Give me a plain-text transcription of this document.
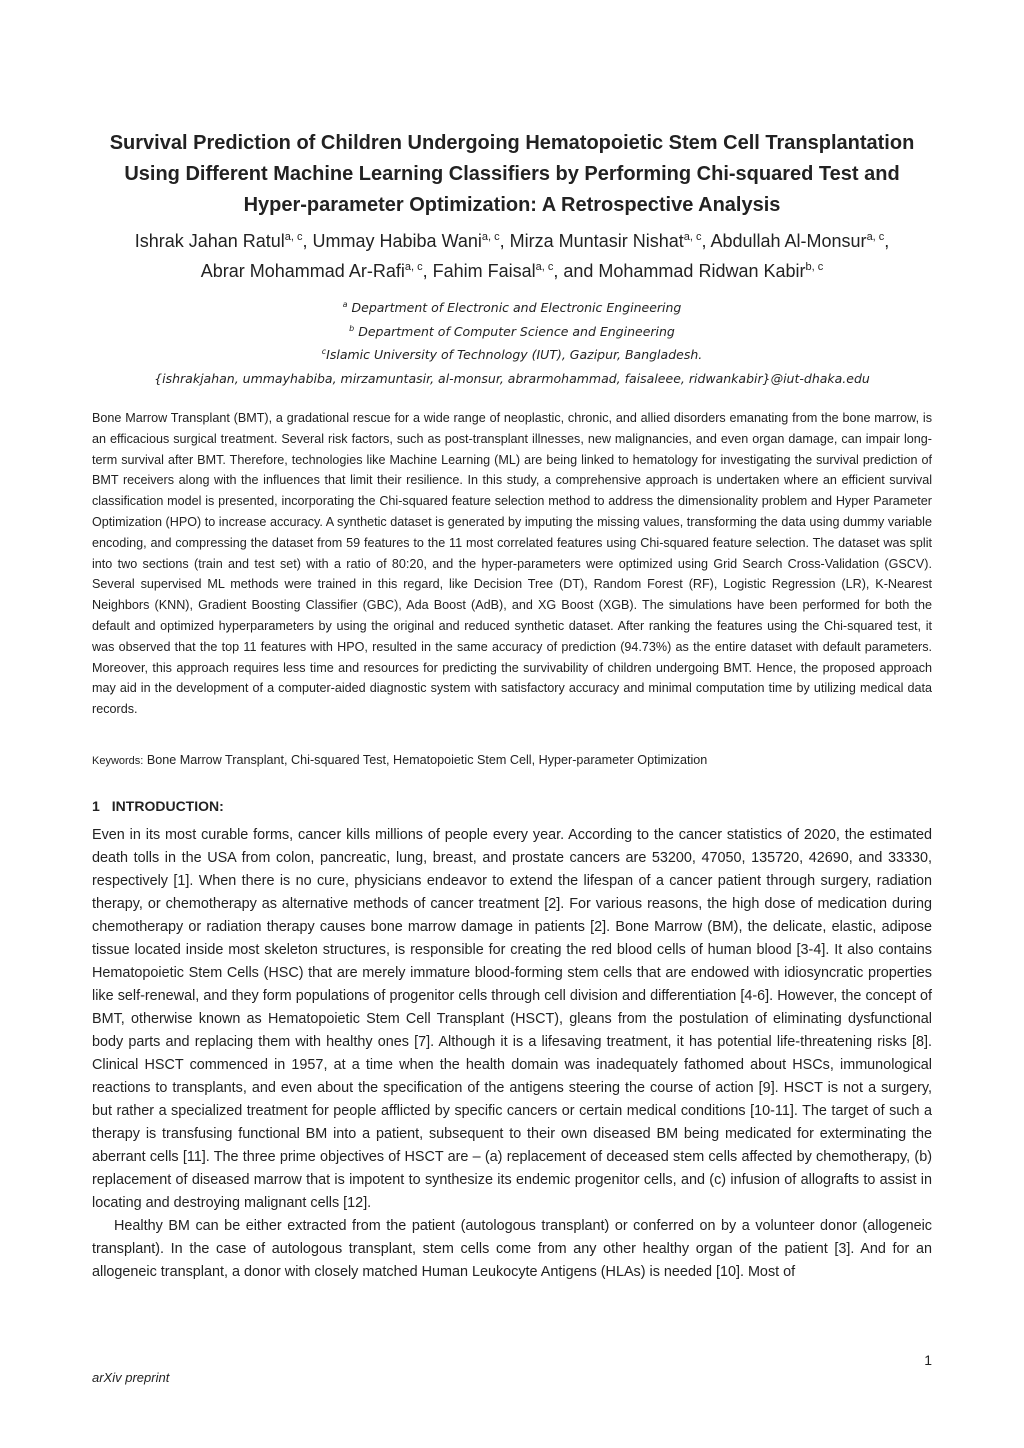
Survival Prediction of Children Undergoing Hematopoietic Stem Cell Transplantation
Using Different Machine Learning Classifiers by Performing Chi-squared Test and
Hyper-parameter Optimization: A Retrospective Analysis
Ishrak Jahan Ratul$^{a, c}$, Ummay Habiba Wani$^{a, c}$, Mirza Muntasir Nishat$^{a, c}$, Abdullah Al-Monsur$^{a, c}$,
Abrar Mohammad Ar-Rafi$^{a, c}$, Fahim Faisal$^{a, c}$, and Mohammad Ridwan Kabir$^{b, c}$
$^a$ Department of Electronic and Electronic Engineering
$^b$ Department of Computer Science and Engineering
$^c$Islamic University of Technology (IUT), Gazipur, Bangladesh.
{ishrakjahan, ummayhabiba, mirzamuntasir, al-monsur, abrarmohammad, faisaleee, ridwankabir}@iut-dhaka.edu

Bone Marrow Transplant (BMT), a gradational rescue for a wide range of neoplastic, chronic, and allied disorders emanating from the bone marrow, is an efficacious surgical treatment. Several risk factors, such as post-transplant illnesses, new malignancies, and even organ damage, can impair long-term survival after BMT. Therefore, technologies like Machine Learning (ML) are being linked to hematology for investigating the survival prediction of BMT receivers along with the influences that limit their resilience. In this study, a comprehensive approach is undertaken where an efficient survival classification model is presented, incorporating the Chi-squared feature selection method to address the dimensionality problem and Hyper Parameter Optimization (HPO) to increase accuracy. A synthetic dataset is generated by imputing the missing values, transforming the data using dummy variable encoding, and compressing the dataset from 59 features to the 11 most correlated features using Chi-squared feature selection. The dataset was split into two sections (train and test set) with a ratio of 80:20, and the hyper-parameters were optimized using Grid Search Cross-Validation (GSCV). Several supervised ML methods were trained in this regard, like Decision Tree (DT), Random Forest (RF), Logistic Regression (LR), K-Nearest Neighbors (KNN), Gradient Boosting Classifier (GBC), Ada Boost (AdB), and XG Boost (XGB). The simulations have been performed for both the default and optimized hyperparameters by using the original and reduced synthetic dataset. After ranking the features using the Chi-squared test, it was observed that the top 11 features with HPO, resulted in the same accuracy of prediction (94.73%) as the entire dataset with default parameters. Moreover, this approach requires less time and resources for predicting the survivability of children undergoing BMT. Hence, the proposed approach may aid in the development of a computer-aided diagnostic system with satisfactory accuracy and minimal computation time by utilizing medical data records.

Keywords: Bone Marrow Transplant, Chi-squared Test, Hematopoietic Stem Cell, Hyper-parameter Optimization
1 INTRODUCTION:

Even in its most curable forms, cancer kills millions of people every year. According to the cancer statistics of 2020, the estimated death tolls in the USA from colon, pancreatic, lung, breast, and prostate cancers are 53200, 47050, 135720, 42690, and 33330, respectively [1]. When there is no cure, physicians endeavor to extend the lifespan of a cancer patient through surgery, radiation therapy, or chemotherapy as alternative methods of cancer treatment [2]. For various reasons, the high dose of medication during chemotherapy or radiation therapy causes bone marrow damage in patients [2]. Bone Marrow (BM), the delicate, elastic, adipose tissue located inside most skeleton structures, is responsible for creating the red blood cells of human blood [3-4]. It also contains Hematopoietic Stem Cells (HSC) that are merely immature blood-forming stem cells that are endowed with idiosyncratic properties like self-renewal, and they form populations of progenitor cells through cell division and differentiation [4-6]. However, the concept of BMT, otherwise known as Hematopoietic Stem Cell Transplant (HSCT), gleans from the postulation of eliminating dysfunctional body parts and replacing them with healthy ones [7]. Although it is a lifesaving treatment, it has potential life-threatening risks [8]. Clinical HSCT commenced in 1957, at a time when the health domain was inadequately fathomed about HSCs, immunological reactions to transplants, and even about the specification of the antigens steering the course of action [9]. HSCT is not a surgery, but rather a specialized treatment for people afflicted by specific cancers or certain medical conditions [10-11]. The target of such a therapy is transfusing functional BM into a patient, subsequent to their own diseased BM being medicated for exterminating the aberrant cells [11]. The three prime objectives of HSCT are – (a) replacement of deceased stem cells affected by chemotherapy, (b) replacement of diseased marrow that is impotent to synthesize its endemic progenitor cells, and (c) infusion of allografts to assist in locating and destroying malignant cells [12].

Healthy BM can be either extracted from the patient (autologous transplant) or conferred on by a volunteer donor (allogeneic transplant). In the case of autologous transplant, stem cells come from any other healthy organ of the patient [3]. And for an allogeneic transplant, a donor with closely matched Human Leukocyte Antigens (HLAs) is needed [10]. Most of

1
arXiv preprint
